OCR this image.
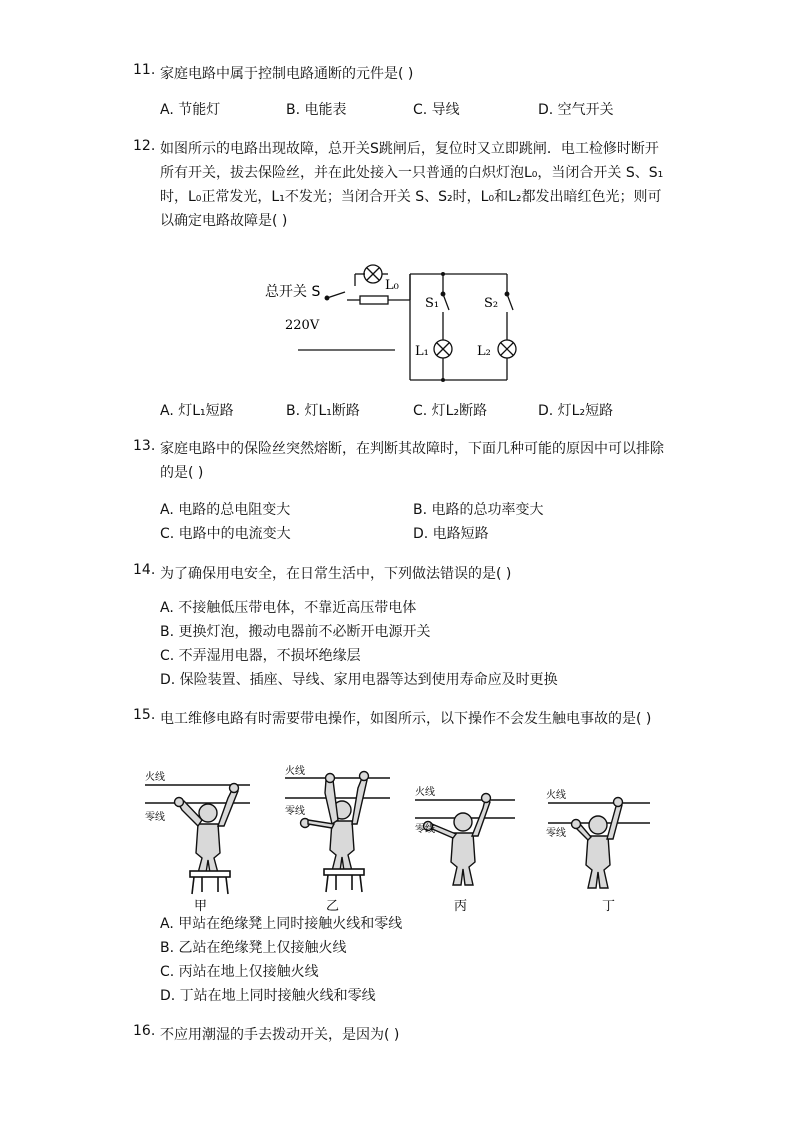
11. 家庭电路中属于控制电路通断的元件是( )
A. 节能灯	B. 电能表	C. 导线	D. 空气开关
12. 如图所示的电路出现故障，总开关S跳闸后，复位时又立即跳闸．电工检修时断开
所有开关，拔去保险丝，并在此处接入一只普通的白炽灯泡L₀，当闭合开关 S、S₁
时，L₀正常发光，L₁不发光；当闭合开关 S、S₂时，L₀和L₂都发出暗红色光；则可
以确定电路故障是( )
总开关 S
220V
L₀
S₁	S₂
L₁	L₂
A. 灯L₁短路	B. 灯L₁断路	C. 灯L₂断路	D. 灯L₂短路
13. 家庭电路中的保险丝突然熔断，在判断其故障时，下面几种可能的原因中可以排除
的是( )
A. 电路的总电阻变大	B. 电路的总功率变大
C. 电路中的电流变大	D. 电路短路
14. 为了确保用电安全，在日常生活中，下列做法错误的是( )
A. 不接触低压带电体，不靠近高压带电体
B. 更换灯泡，搬动电器前不必断开电源开关
C. 不弄湿用电器，不损坏绝缘层
D. 保险装置、插座、导线、家用电器等达到使用寿命应及时更换
15. 电工维修电路有时需要带电操作，如图所示，以下操作不会发生触电事故的是( )
火线
零线
火线
零线
火线
零线
火线
零线
甲	乙	丙	丁
A. 甲站在绝缘凳上同时接触火线和零线
B. 乙站在绝缘凳上仅接触火线
C. 丙站在地上仅接触火线
D. 丁站在地上同时接触火线和零线
16. 不应用潮湿的手去拨动开关，是因为( )
